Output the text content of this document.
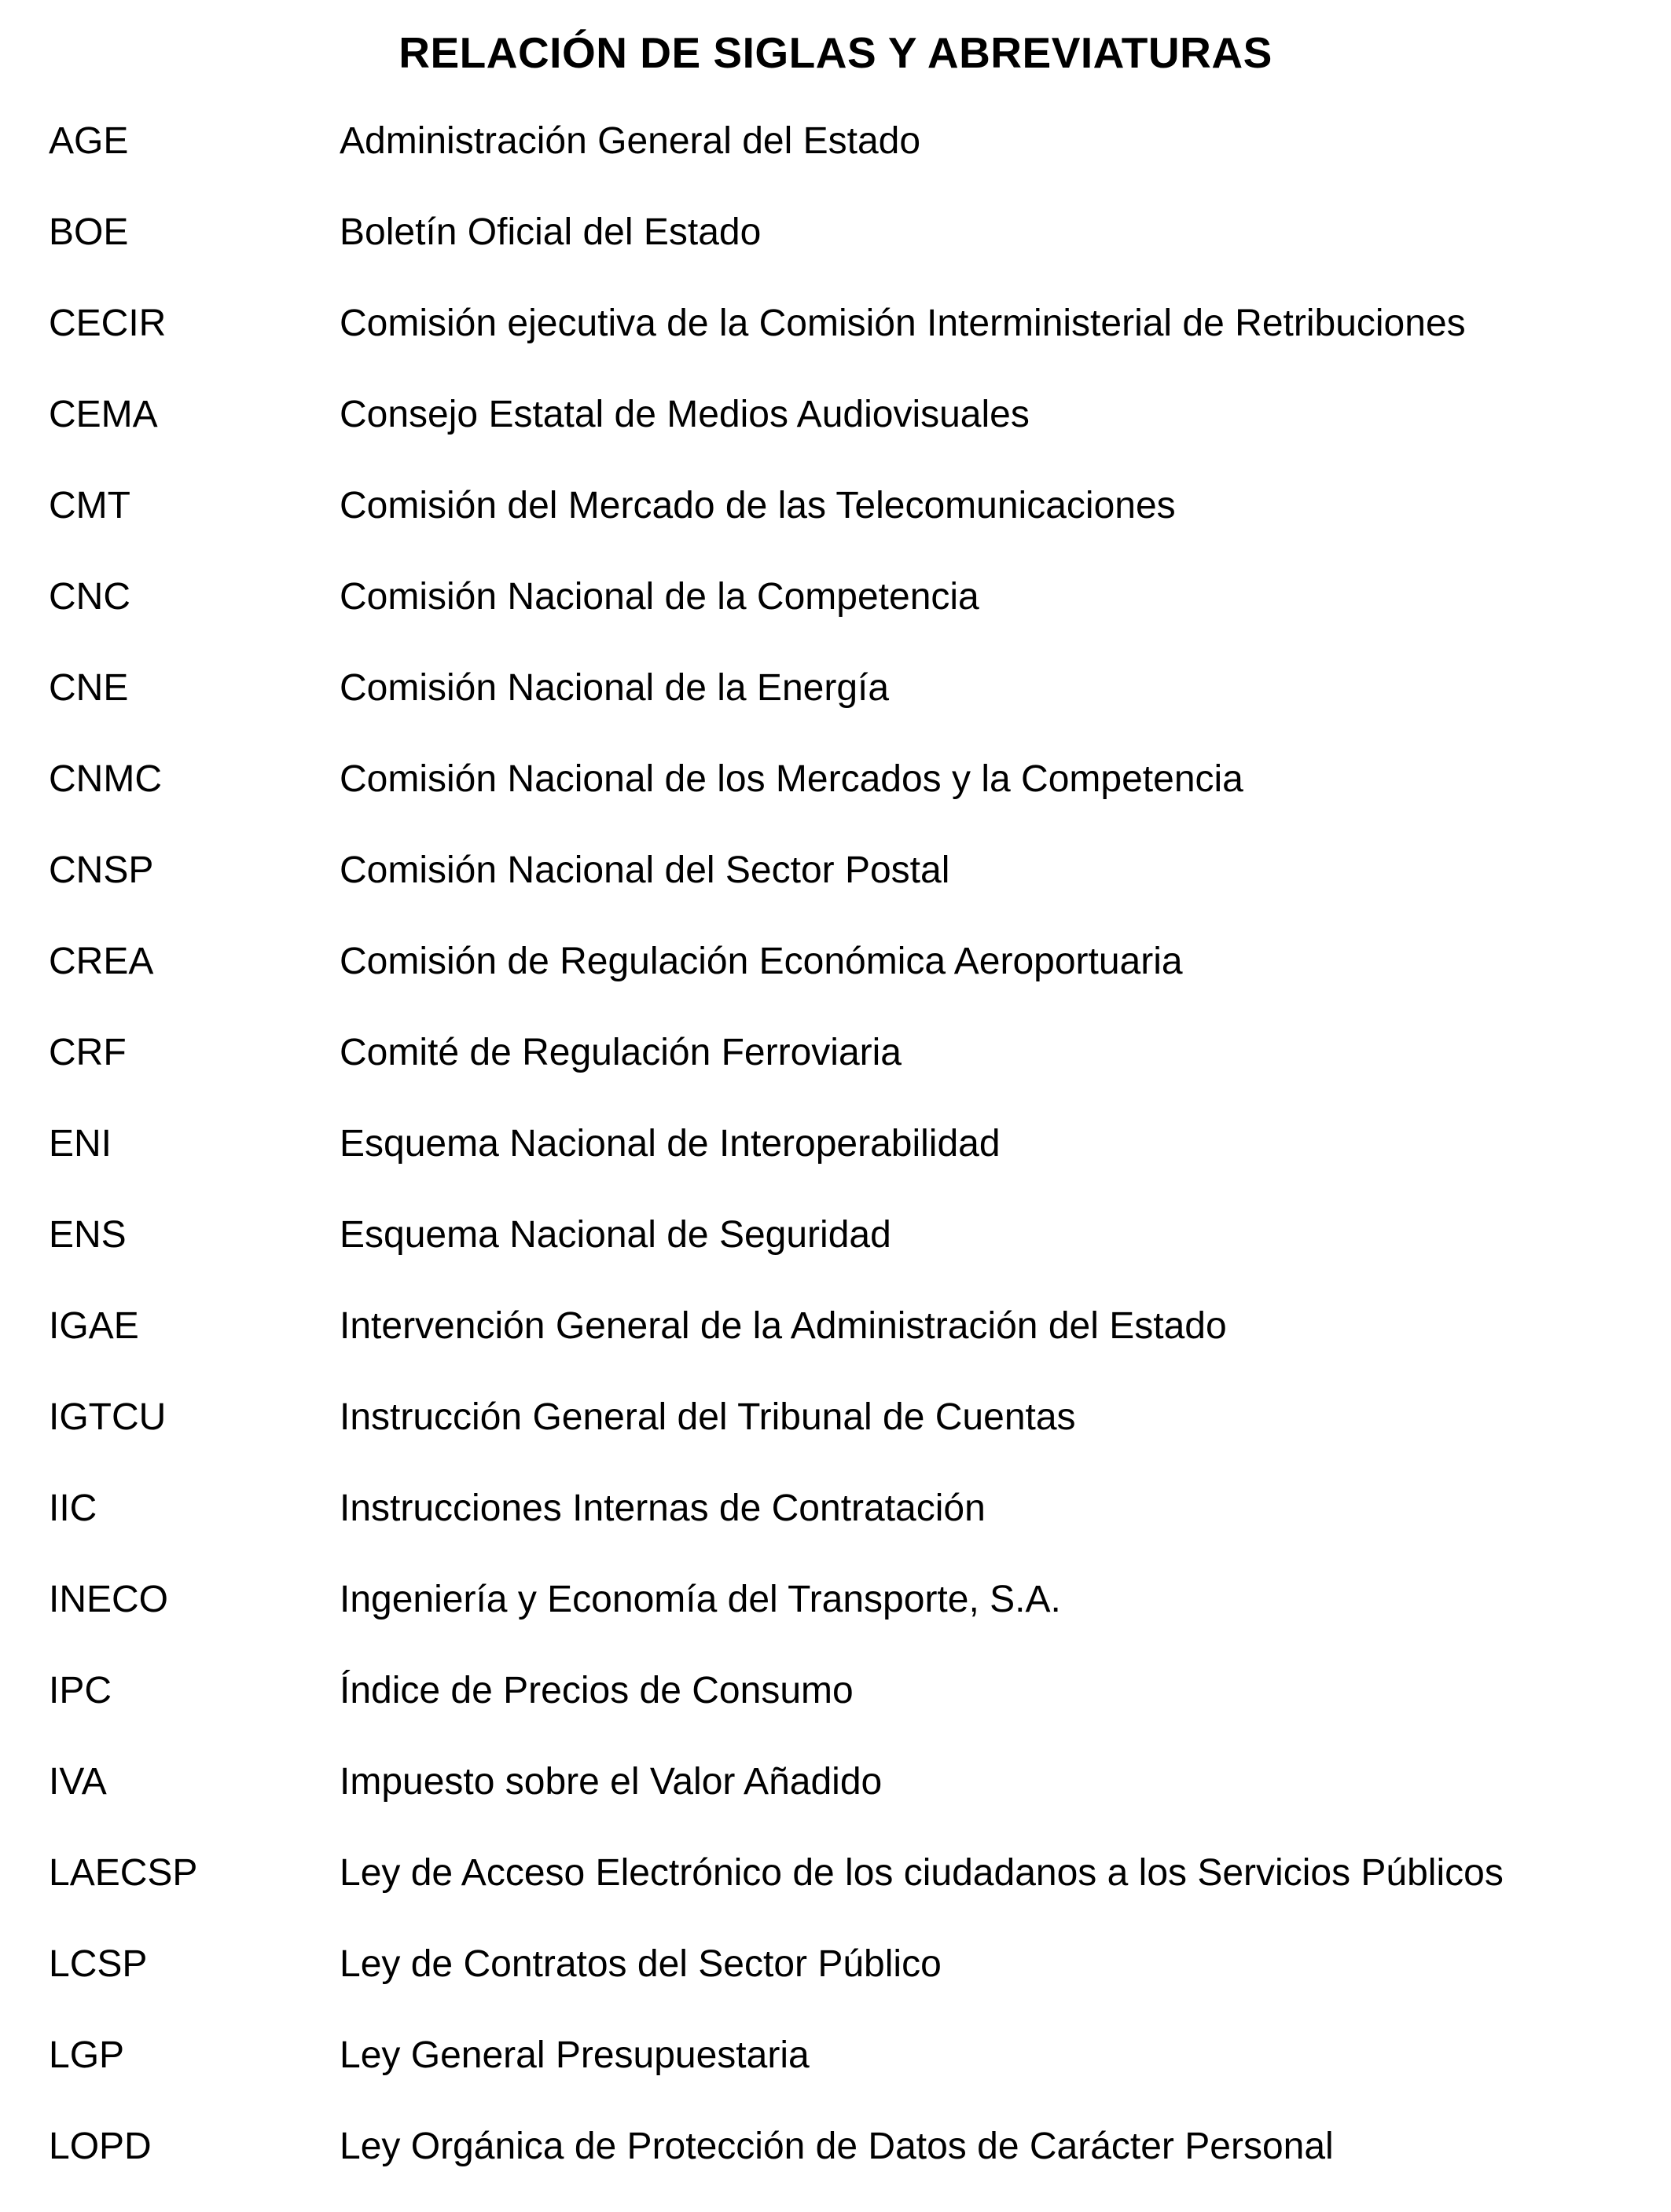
RELACIÓN DE SIGLAS Y ABREVIATURAS
AGE	Administración General del Estado
BOE	Boletín Oficial del Estado
CECIR	Comisión ejecutiva de la Comisión Interministerial de Retribuciones
CEMA	Consejo Estatal de Medios Audiovisuales
CMT	Comisión del Mercado de las Telecomunicaciones
CNC	Comisión Nacional de la Competencia
CNE	Comisión Nacional de la Energía
CNMC	Comisión Nacional de los Mercados y la Competencia
CNSP	Comisión Nacional del Sector Postal
CREA	Comisión de Regulación Económica Aeroportuaria
CRF	Comité de Regulación Ferroviaria
ENI	Esquema Nacional de Interoperabilidad
ENS	Esquema Nacional de Seguridad
IGAE	Intervención General de la Administración del Estado
IGTCU	Instrucción General del Tribunal de Cuentas
IIC	Instrucciones Internas de Contratación
INECO	Ingeniería y Economía del Transporte, S.A.
IPC	Índice de Precios de Consumo
IVA	Impuesto sobre el Valor Añadido
LAECSP	Ley de Acceso Electrónico de los ciudadanos a los Servicios Públicos
LCSP	Ley de Contratos del Sector Público
LGP	Ley General Presupuestaria
LOPD	Ley Orgánica de Protección de Datos de Carácter Personal
